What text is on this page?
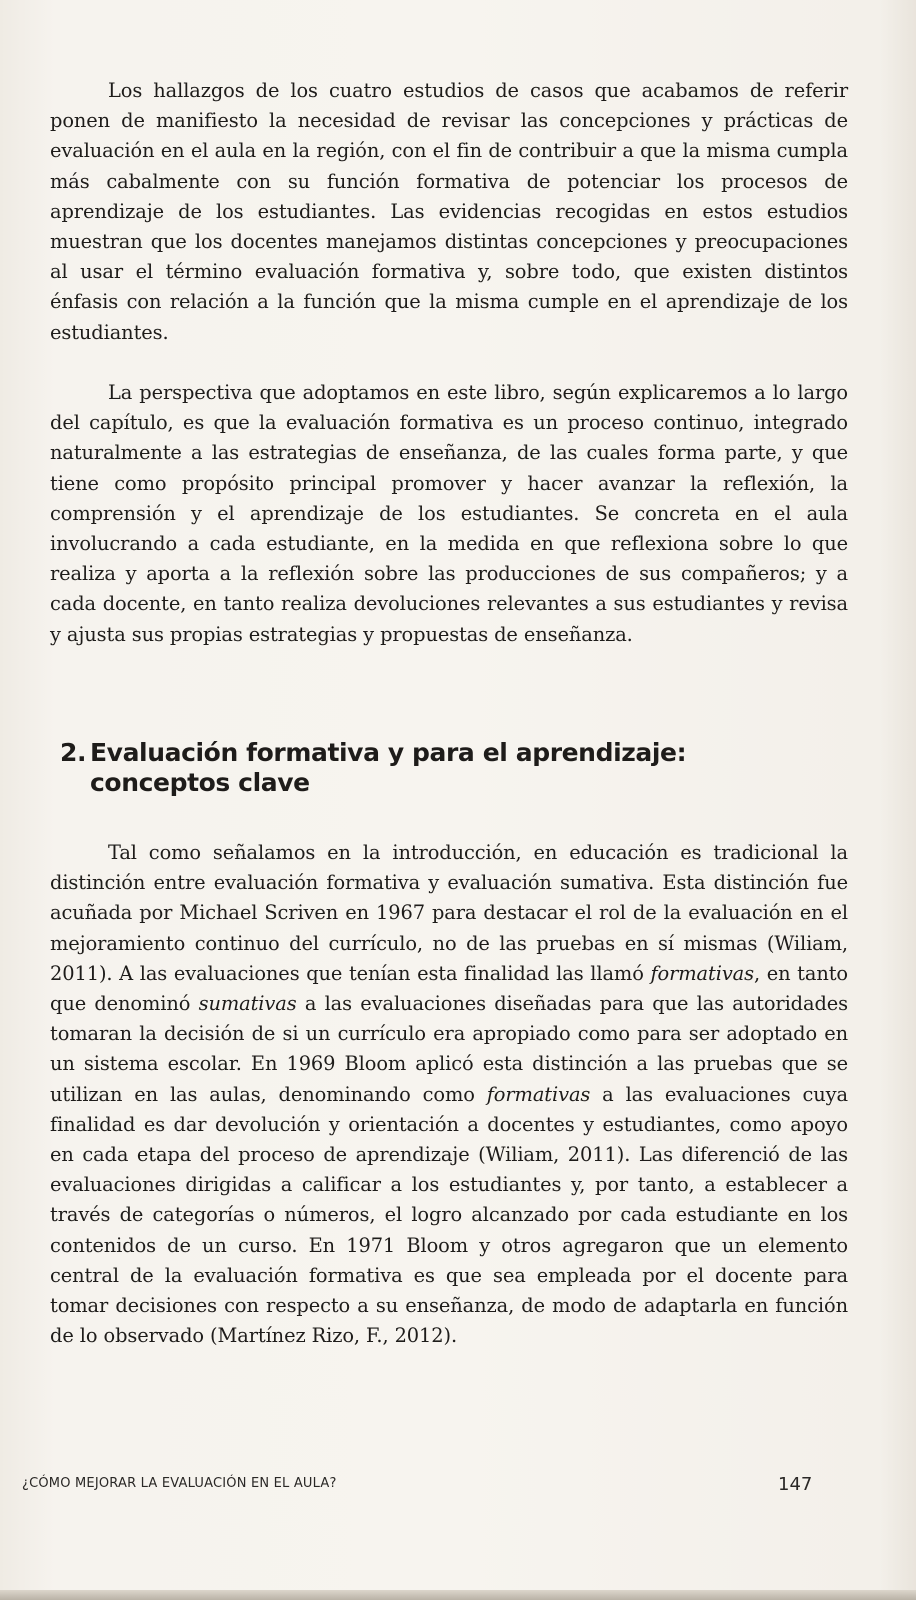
Los hallazgos de los cuatro estudios de casos que acabamos de referir ponen de manifiesto la necesidad de revisar las concepciones y prácticas de evaluación en el aula en la región, con el fin de contribuir a que la misma cumpla más cabalmente con su función formativa de potenciar los procesos de aprendizaje de los estudiantes. Las evidencias recogidas en estos estudios muestran que los docentes manejamos distintas concepciones y preocupaciones al usar el término evaluación formativa y, sobre todo, que existen distintos énfasis con relación a la función que la misma cumple en el aprendizaje de los estudiantes.

La perspectiva que adoptamos en este libro, según explicaremos a lo largo del capítulo, es que la evaluación formativa es un proceso continuo, integrado naturalmente a las estrategias de enseñanza, de las cuales forma parte, y que tiene como propósito principal promover y hacer avanzar la reflexión, la comprensión y el aprendizaje de los estudiantes. Se concreta en el aula involucrando a cada estudiante, en la medida en que reflexiona sobre lo que realiza y aporta a la reflexión sobre las producciones de sus compañeros; y a cada docente, en tanto realiza devoluciones relevantes a sus estudiantes y revisa y ajusta sus propias estrategias y propuestas de enseñanza.

2. Evaluación formativa y para el aprendizaje: conceptos clave

Tal como señalamos en la introducción, en educación es tradicional la distinción entre evaluación formativa y evaluación sumativa. Esta distinción fue acuñada por Michael Scriven en 1967 para destacar el rol de la evaluación en el mejoramiento continuo del currículo, no de las pruebas en sí mismas (Wiliam, 2011). A las evaluaciones que tenían esta finalidad las llamó formativas, en tanto que denominó sumativas a las evaluaciones diseñadas para que las autoridades tomaran la decisión de si un currículo era apropiado como para ser adoptado en un sistema escolar. En 1969 Bloom aplicó esta distinción a las pruebas que se utilizan en las aulas, denominando como formativas a las evaluaciones cuya finalidad es dar devolución y orientación a docentes y estudiantes, como apoyo en cada etapa del proceso de aprendizaje (Wiliam, 2011). Las diferenció de las evaluaciones dirigidas a calificar a los estudiantes y, por tanto, a establecer a través de categorías o números, el logro alcanzado por cada estudiante en los contenidos de un curso. En 1971 Bloom y otros agregaron que un elemento central de la evaluación formativa es que sea empleada por el docente para tomar decisiones con respecto a su enseñanza, de modo de adaptarla en función de lo observado (Martínez Rizo, F., 2012).

¿CÓMO MEJORAR LA EVALUACIÓN EN EL AULA?	147
